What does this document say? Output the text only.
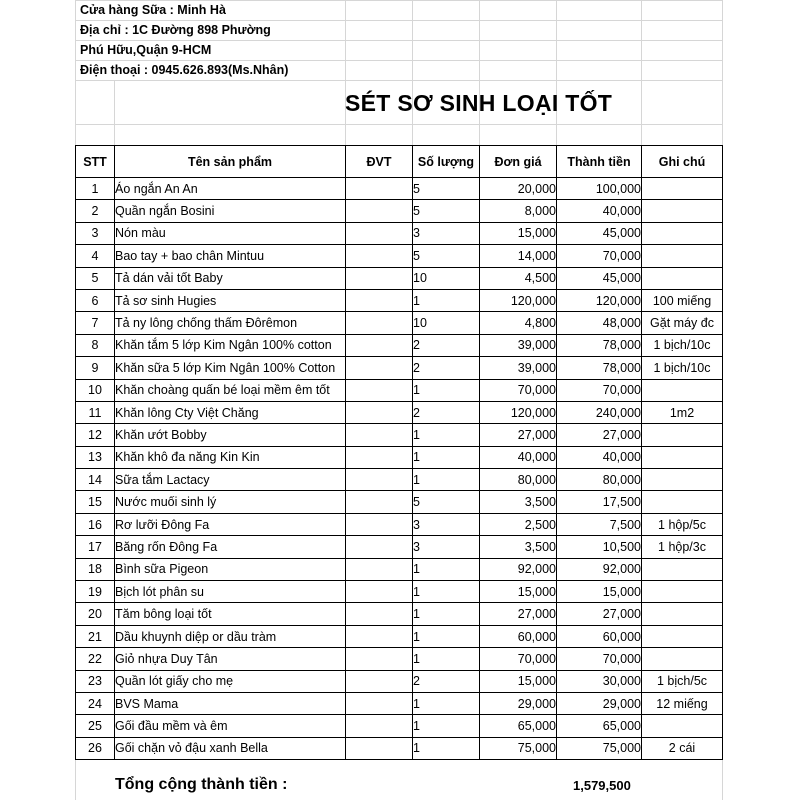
Cửa hàng Sữa : Minh Hà
Địa chỉ : 1C Đường 898 Phường
Phú Hữu,Quận 9-HCM
Điện thoại : 0945.626.893(Ms.Nhân)
SÉT SƠ SINH LOẠI TỐT
STT	Tên sản phẩm	ĐVT	Số lượng	Đơn giá	Thành tiền	Ghi chú
1	Áo ngắn An An		5	20,000	100,000	
2	Quần ngắn Bosini		5	8,000	40,000	
3	Nón màu		3	15,000	45,000	
4	Bao tay + bao chân Mintuu		5	14,000	70,000	
5	Tả dán vải tốt Baby		10	4,500	45,000	
6	Tả sơ sinh Hugies		1	120,000	120,000	100 miếng
7	Tả ny lông chống thấm Đôrêmon		10	4,800	48,000	Gặt máy đc
8	Khăn tắm 5 lớp Kim Ngân 100% cotton		2	39,000	78,000	1 bịch/10c
9	Khăn sữa 5 lớp Kim Ngân 100% Cotton		2	39,000	78,000	1 bịch/10c
10	Khăn choàng quấn bé loại mềm êm tốt		1	70,000	70,000	
11	Khăn lông Cty Việt Chăng		2	120,000	240,000	1m2
12	Khăn ướt Bobby		1	27,000	27,000	
13	Khăn khô đa năng Kin Kin		1	40,000	40,000	
14	Sữa tắm Lactacy		1	80,000	80,000	
15	Nước muối sinh lý		5	3,500	17,500	
16	Rơ lưỡi Đông Fa		3	2,500	7,500	1 hộp/5c
17	Băng rốn Đông Fa		3	3,500	10,500	1 hộp/3c
18	Bình sữa Pigeon		1	92,000	92,000	
19	Bịch lót phân su		1	15,000	15,000	
20	Tăm bông loại tốt		1	27,000	27,000	
21	Dầu khuynh diệp or dầu tràm		1	60,000	60,000	
22	Giỏ nhựa Duy Tân		1	70,000	70,000	
23	Quần lót giấy cho mẹ		2	15,000	30,000	1 bịch/5c
24	BVS Mama		1	29,000	29,000	12 miếng
25	Gối đầu mềm và êm		1	65,000	65,000	
26	Gối chặn vỏ đậu xanh Bella		1	75,000	75,000	2 cái
Tổng cộng thành tiền :	1,579,500
